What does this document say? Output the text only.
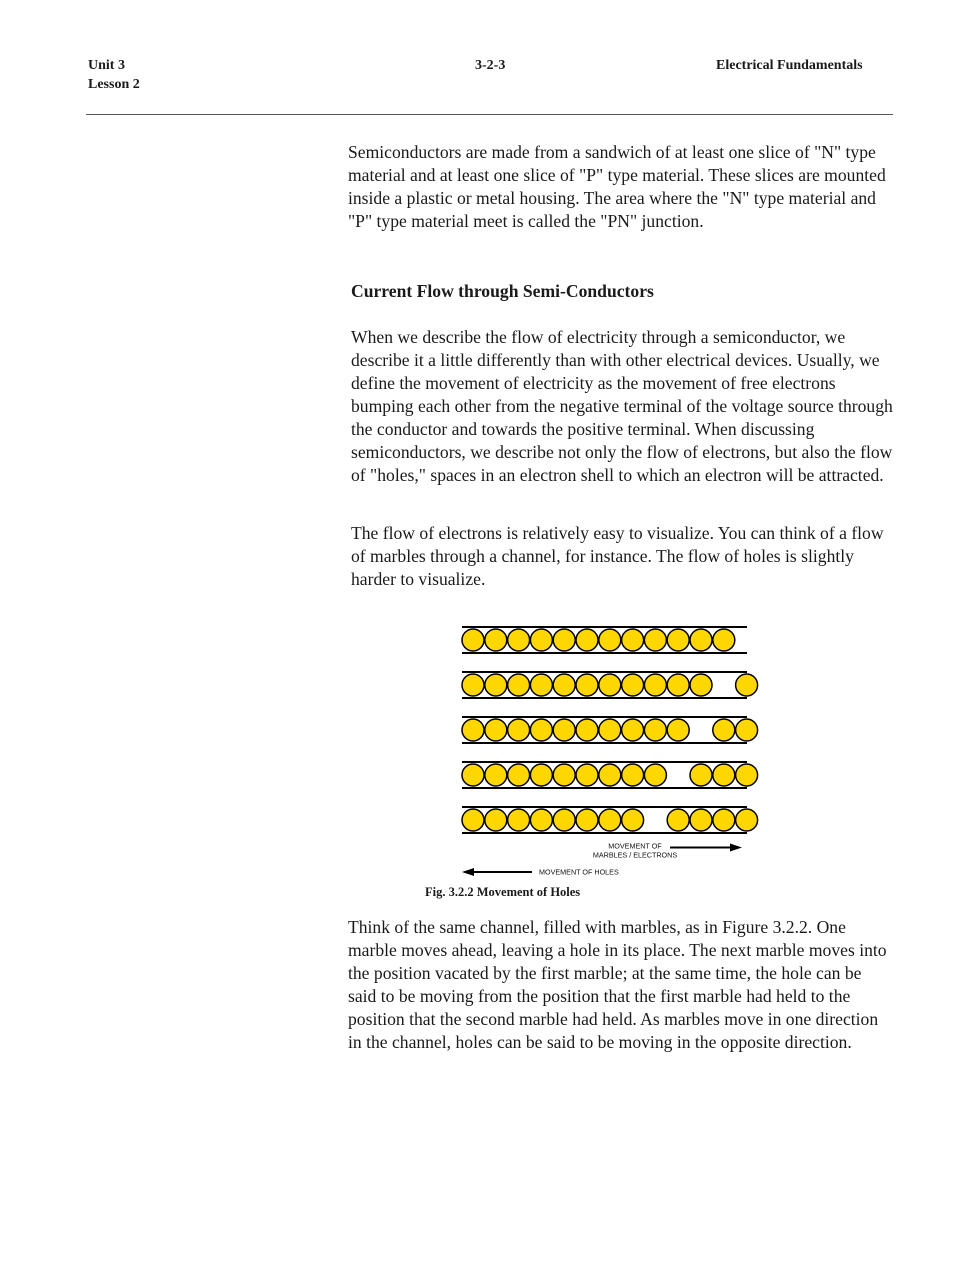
Unit 3
Lesson 2
3-2-3	Electrical Fundamentals

Semiconductors are made from a sandwich of at least one slice of "N" type material and at least one slice of "P" type material. These slices are mounted inside a plastic or metal housing. The area where the "N" type material and "P" type material meet is called the "PN" junction.

Current Flow through Semi-Conductors

When we describe the flow of electricity through a semiconductor, we describe it a little differently than with other electrical devices. Usually, we define the movement of electricity as the movement of free electrons bumping each other from the negative terminal of the voltage source through the conductor and towards the positive terminal. When discussing semiconductors, we describe not only the flow of electrons, but also the flow of "holes," spaces in an electron shell to which an electron will be attracted.

The flow of electrons is relatively easy to visualize. You can think of a flow of marbles through a channel, for instance. The flow of holes is slightly harder to visualize.

MOVEMENT OF
MARBLES / ELECTRONS
MOVEMENT OF HOLES
Fig. 3.2.2 Movement of Holes

Think of the same channel, filled with marbles, as in Figure 3.2.2. One marble moves ahead, leaving a hole in its place. The next marble moves into the position vacated by the first marble; at the same time, the hole can be said to be moving from the position that the first marble had held to the position that the second marble had held. As marbles move in one direction in the channel, holes can be said to be moving in the opposite direction.
